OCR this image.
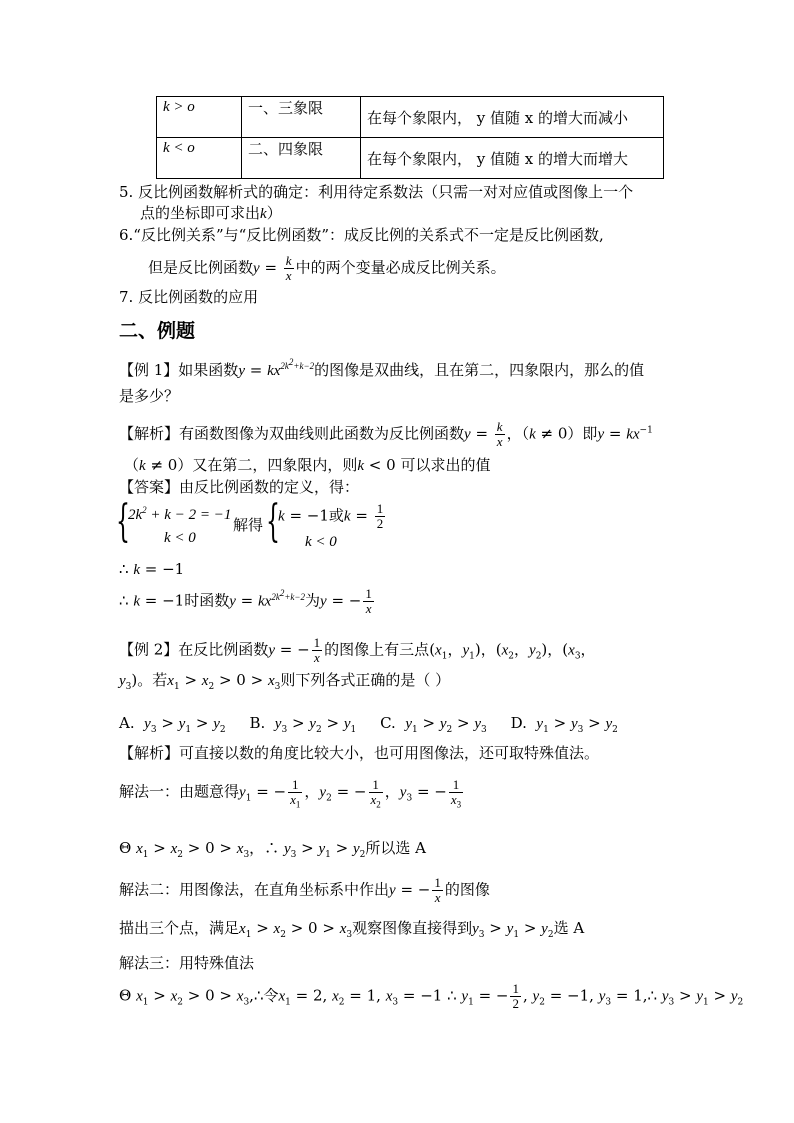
k > o	一、三象限	在每个象限内， y 值随 x 的增大而减小
k < o	二、四象限	在每个象限内， y 值随 x 的增大而增大
5. 反比例函数解析式的确定：利用待定系数法（只需一对对应值或图像上一个
点的坐标即可求出k）
6.“反比例关系”与“反比例函数”：成反比例的关系式不一定是反比例函数,
但是反比例函数$y = \frac{k}{x}$ 中的两个变量必成反比例关系。
7. 反比例函数的应用
二、例题
【例 1】如果函数$y = kx^{2k^2+k-2}$的图像是双曲线，且在第二，四象限内，那么的值
是多少？
【解析】有函数图像为双曲线则此函数为反比例函数$y = \frac{k}{x}$ ，（k ≠ 0）即$y = kx^{-1}$
（k ≠ 0）又在第二，四象限内，则k < 0 可以求出的值
【答案】由反比例函数的定义，得：
{
$2k^2 + k - 2 = -1$
k < 0
解得 {
k = −1或$k = \frac{1}{2}$
k < 0
∴ k = −1
∴ k = −1时函数$y = kx^{2k^2+k-2}$为y = − $\frac{1}{x}$
【例 2】在反比例函数y = − $\frac{1}{x}$ 的图像上有三点($x_1$，$y_1$)，($x_2$，$y_2$)，($x_3$，
$y_3$)。若$x_1 > x_2 > 0 > x_3$则下列各式正确的是（ ）
A. $y_3 > y_1 > y_2$ B. $y_3 > y_2 > y_1$ C. $y_1 > y_2 > y_3$ D. $y_1 > y_3 > y_2$
【解析】可直接以数的角度比较大小，也可用图像法，还可取特殊值法。
解法一：由题意得$y_1$ = − $\frac{1}{x_1}$ ，$y_2$ = − $\frac{1}{x_2}$ ，$y_3$ = − $\frac{1}{x_3}$
Θ $x_1 > x_2 > 0 > x_3$，∴ $y_3 > y_1 > y_2$所以选 A
解法二：用图像法，在直角坐标系中作出y = − $\frac{1}{x}$ 的图像
描出三个点，满足$x_1 > x_2 > 0 > x_3$观察图像直接得到$y_3 > y_1 > y_2$选 A
解法三：用特殊值法
Θ $x_1 > x_2 > 0$ > $x_3,\therefore$令$x_1 = 2$, $x_2 = 1$, $x_3 = -1$ ∴ $y_1$ = − $\frac{1}{2}$ , $y_2 = -1$, $y_3$ = 1,∴ $y_3 > y_1 > y_2$
